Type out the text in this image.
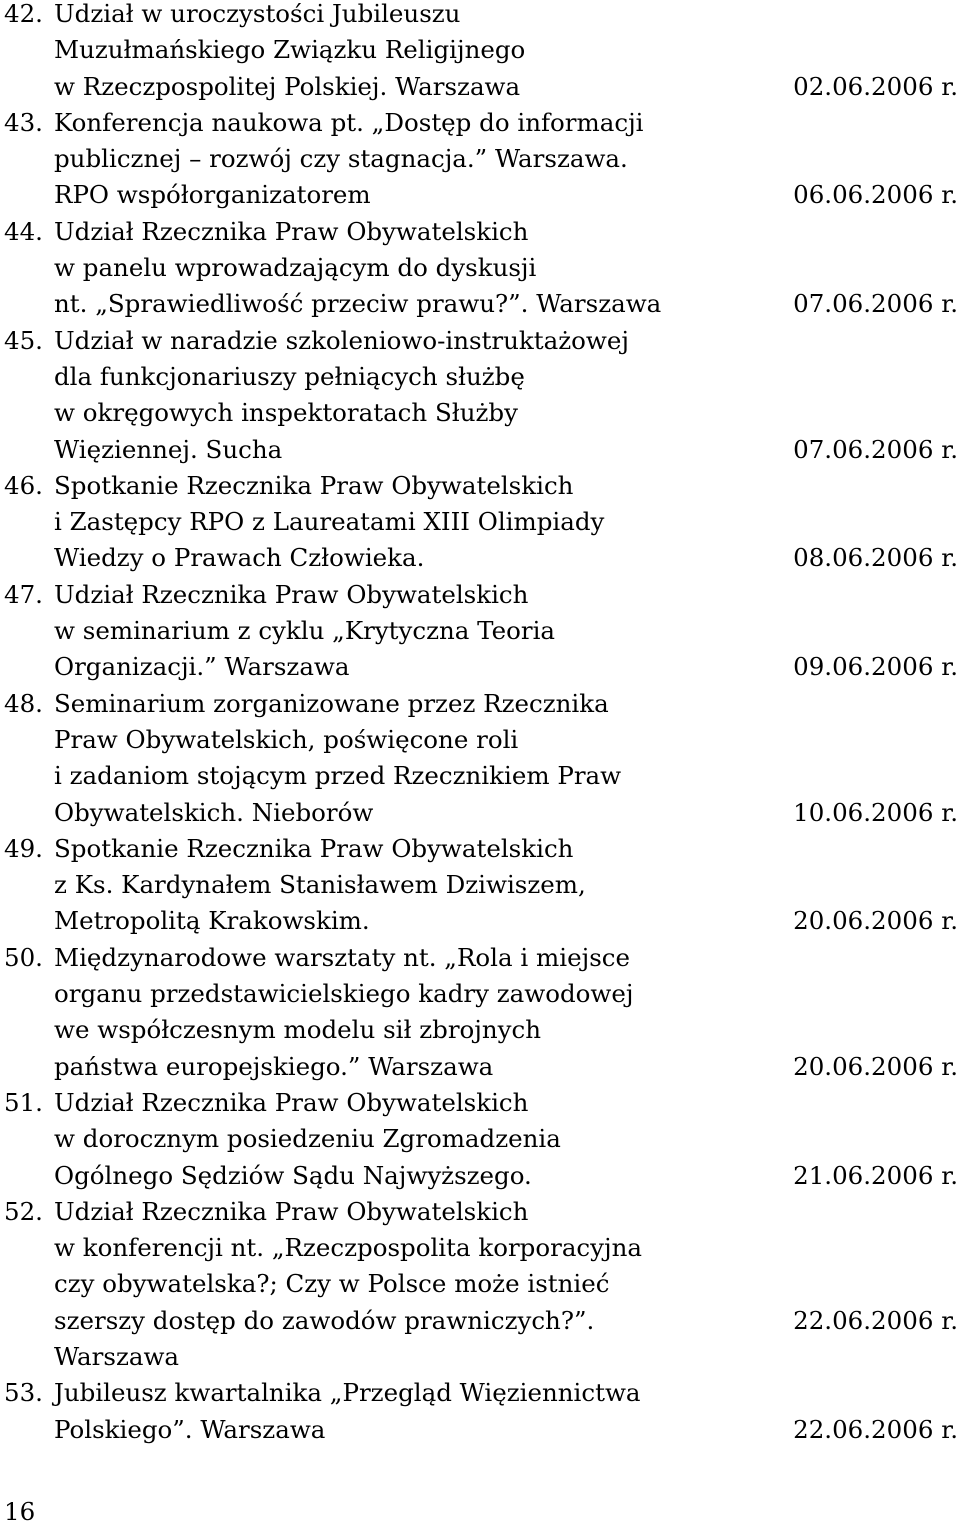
42. Udział w uroczystości Jubileuszu
Muzułmańskiego Związku Religijnego
w Rzeczpospolitej Polskiej. Warszawa	02.06.2006 r.
43. Konferencja naukowa pt. „Dostęp do informacji
publicznej – rozwój czy stagnacja.” Warszawa.
RPO współorganizatorem	06.06.2006 r.
44. Udział Rzecznika Praw Obywatelskich
w panelu wprowadzającym do dyskusji
nt. „Sprawiedliwość przeciw prawu?”. Warszawa	07.06.2006 r.
45. Udział w naradzie szkoleniowo-instruktażowej
dla funkcjonariuszy pełniących służbę
w okręgowych inspektoratach Służby
Więziennej. Sucha	07.06.2006 r.
46. Spotkanie Rzecznika Praw Obywatelskich
i Zastępcy RPO z Laureatami XIII Olimpiady
Wiedzy o Prawach Człowieka.	08.06.2006 r.
47. Udział Rzecznika Praw Obywatelskich
w seminarium z cyklu „Krytyczna Teoria
Organizacji.” Warszawa	09.06.2006 r.
48. Seminarium zorganizowane przez Rzecznika
Praw Obywatelskich, poświęcone roli
i zadaniom stojącym przed Rzecznikiem Praw
Obywatelskich. Nieborów	10.06.2006 r.
49. Spotkanie Rzecznika Praw Obywatelskich
z Ks. Kardynałem Stanisławem Dziwiszem,
Metropolitą Krakowskim.	20.06.2006 r.
50. Międzynarodowe warsztaty nt. „Rola i miejsce
organu przedstawicielskiego kadry zawodowej
we współczesnym modelu sił zbrojnych
państwa europejskiego.” Warszawa	20.06.2006 r.
51. Udział Rzecznika Praw Obywatelskich
w dorocznym posiedzeniu Zgromadzenia
Ogólnego Sędziów Sądu Najwyższego.	21.06.2006 r.
52. Udział Rzecznika Praw Obywatelskich
w konferencji nt. „Rzeczpospolita korporacyjna
czy obywatelska?; Czy w Polsce może istnieć
szerszy dostęp do zawodów prawniczych?”.	22.06.2006 r.
Warszawa
53. Jubileusz kwartalnika „Przegląd Więziennictwa
Polskiego”. Warszawa	22.06.2006 r.
16
